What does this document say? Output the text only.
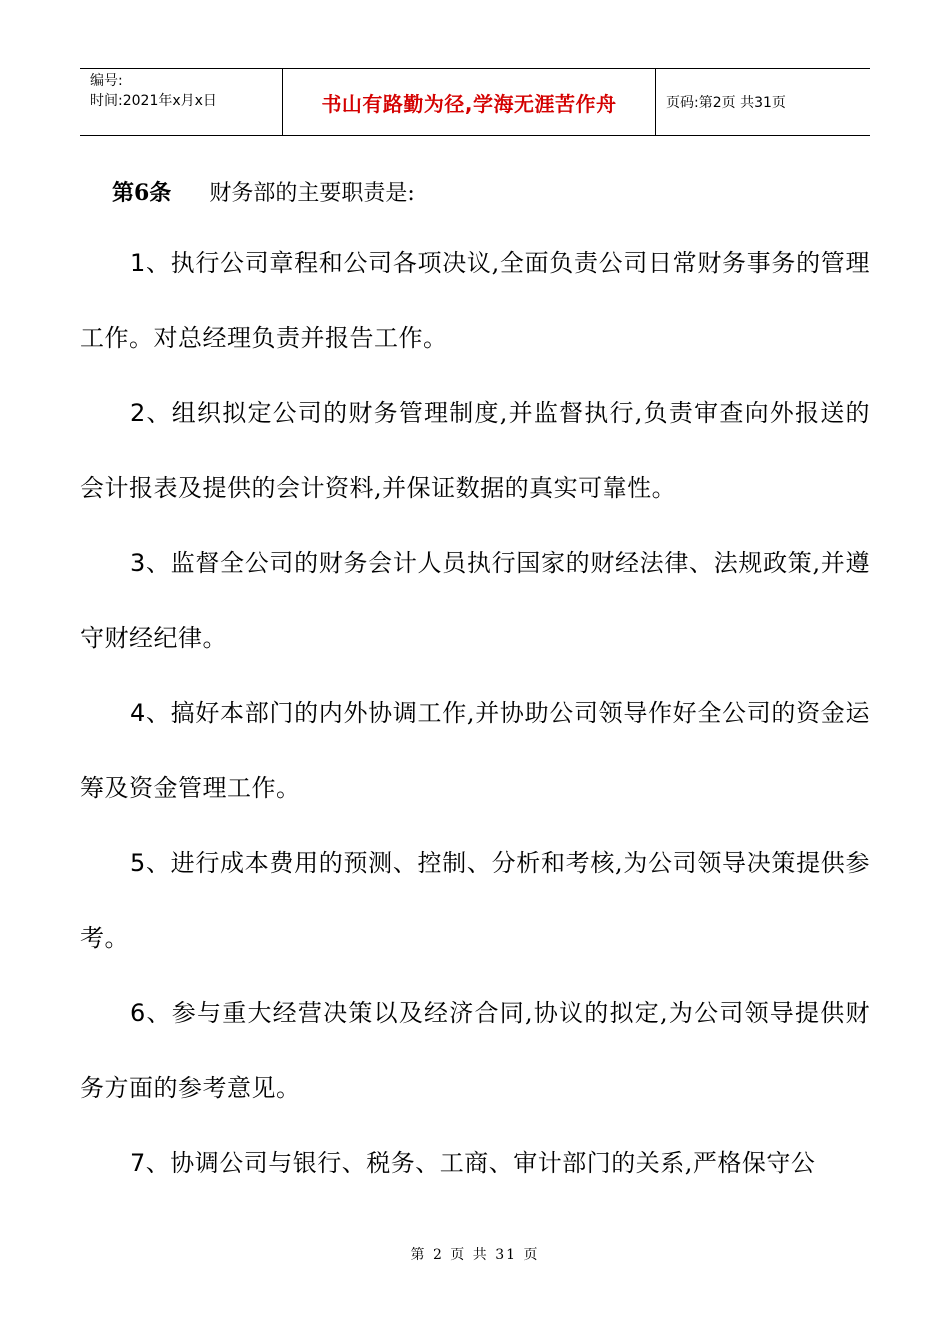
编号:
时间:2021年x月x日	书山有路勤为径,学海无涯苦作舟	页码:第2页 共31页
第6条 财务部的主要职责是:

1、执行公司章程和公司各项决议,全面负责公司日常财务事务的管理工作。对总经理负责并报告工作。

2、组织拟定公司的财务管理制度,并监督执行,负责审查向外报送的会计报表及提供的会计资料,并保证数据的真实可靠性。

3、监督全公司的财务会计人员执行国家的财经法律、法规政策,并遵守财经纪律。

4、搞好本部门的内外协调工作,并协助公司领导作好全公司的资金运筹及资金管理工作。

5、进行成本费用的预测、控制、分析和考核,为公司领导决策提供参考。

6、参与重大经营决策以及经济合同,协议的拟定,为公司领导提供财务方面的参考意见。

7、协调公司与银行、税务、工商、审计部门的关系,严格保守公

第 2 页 共 31 页
